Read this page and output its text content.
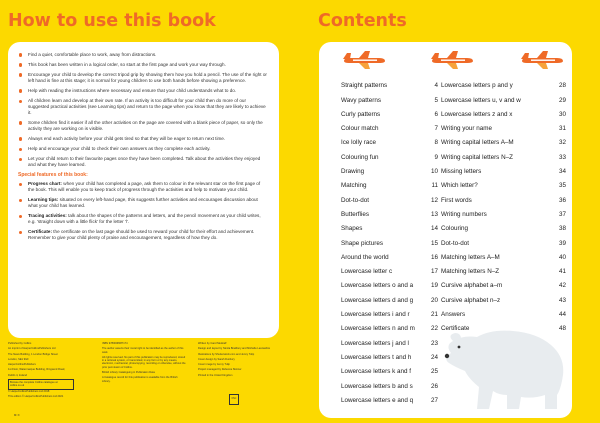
How to use this book	Contents
Find a quiet, comfortable place to work, away from distractions.
This book has been written in a logical order, so start at the first page and work your way through.
Encourage your child to develop the correct tripod grip by showing them how you hold a pencil. The use of the right or left hand is fine at this stage; it is normal for young children to use both hands before showing a preference.
Help with reading the instructions where necessary and ensure that your child understands what to do.
All children learn and develop at their own rate. If an activity is too difficult for your child then do more of our suggested practical activities (see Learning tips) and return to the page when you know that they are likely to achieve it.
Some children find it easier if all the other activities on the page are covered with a blank piece of paper, so only the activity they are working on is visible.
Always end each activity before your child gets tired so that they will be eager to return next time.
Help and encourage your child to check their own answers as they complete each activity.
Let your child return to their favourite pages once they have been completed. Talk about the activities they enjoyed and what they have learned.
Special features of this book:
Progress chart: when your child has completed a page, ask them to colour in the relevant star on the first page of the book. This will enable you to keep track of progress through the activities and help to motivate your child.
Learning tips: situated on every left-hand page, this suggests further activities and encourages discussion about what your child has learned.
Tracing activities: talk about the shapes of the patterns and letters, and the pencil movement as your child writes, e.g. 'straight down with a little flick' for the letter 'l'.
Certificate: the certificate on the last page should be used to reward your child for their effort and achievement. Remember to give your child plenty of praise and encouragement, regardless of how they do.

Published by Collins

An imprint of HarperCollinsPublishers Ltd

The News Building, 1 London Bridge Street

London, SE1 9GF

HarperCollinsPublishers

1st Floor, Watermarque Building, Ringsend Road,

Dublin 4, Ireland

Browse the complete Collins catalogue at collins.co.uk

© HarperCollinsPublishers Ltd 2018

This edition © HarperCollinsPublishers Ltd 2021

ISBN 9780008387174

The author asserts their moral right to be identified as the author of this work.

All rights reserved. No part of this publication may be reproduced, stored in a retrieval system, or transmitted, in any form or by any means, electronic, mechanical, photocopying, recording or otherwise, without the prior permission of Collins.

British Library Cataloguing in Publication Data

A Catalogue record for this publication is available from the British Library.

Written by Carol Medcalf

Design and layout by Nicola Bradbury and Michelle Lancashire

Illustrations by Shutterstock.com and Jenny Tulip

Cover design by Sarah Duxbury

Cover image by Jenny Tulip

Project managed by Rebecca Skinner

Printed in the United Kingdom

FSC
MIX
Straight patterns	4
Wavy patterns	5
Curly patterns	6
Colour match	7
Ice lolly race	8
Colouring fun	9
Drawing	10
Matching	11
Dot-to-dot	12
Butterflies	13
Shapes	14
Shape pictures	15
Around the world	16
Lowercase letter c	17
Lowercase letters o and a	19
Lowercase letters d and g	20
Lowercase letters i and r	21
Lowercase letters n and m	22
Lowercase letters j and l	23
Lowercase letters t and h	24
Lowercase letters k and f	25
Lowercase letters b and s	26
Lowercase letters e and q	27
Lowercase letters p and y	28
Lowercase letters u, v and w	29
Lowercase letters z and x	30
Writing your name	31
Writing capital letters A–M	32
Writing capital letters N–Z	33
Missing letters	34
Which letter?	35
First words	36
Writing numbers	37
Colouring	38
Dot-to-dot	39
Matching letters A–M	40
Matching letters N–Z	41
Cursive alphabet a–m	42
Cursive alphabet n–z	43
Answers	44
Certificate	48
